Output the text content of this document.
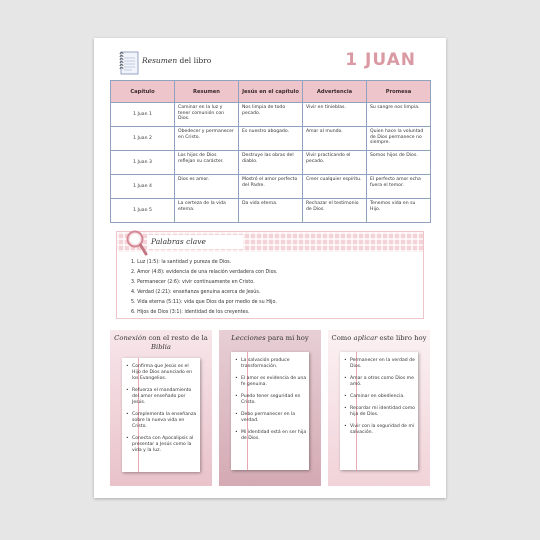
Resumen del libro	1 JUAN
Capítulo	Resumen	Jesús en el capítulo	Advertencia	Promesa
1 Juan 1	Caminar en la luz y tener comunión con Dios.	Nos limpia de todo pecado.	Vivir en tinieblas.	Su sangre nos limpia.
1 Juan 2	Obedecer y permanecer en Cristo.	Es nuestro abogado.	Amar al mundo.	Quien hace la voluntad de Dios permanece no siempre.
1 Juan 3	Los hijos de Dios reflejan su carácter.	Destruye las obras del diablo.	Vivir practicando el pecado.	Somos hijos de Dios.
1 Juan 4	Dios es amor.	Mostró el amor perfecto del Padre.	Creer cualquier espíritu.	El perfecto amor echa fuera el temor.
1 Juan 5	La certeza de la vida eterna.	Da vida eterna.	Rechazar el testimonio de Dios.	Tenemos vida en su Hijo.
Palabras clave
1. Luz (1:5): la santidad y pureza de Dios.
2. Amor (4:8): evidencia de una relación verdadera con Dios.
3. Permanecer (2:6): vivir continuamente en Cristo.
4. Verdad (2:21): enseñanza genuina acerca de Jesús.
5. Vida eterna (5:11): vida que Dios da por medio de su Hijo.
6. Hijos de Dios (3:1): identidad de los creyentes.
Conexión con el resto de la Biblia
• Confirma que Jesús es el Hijo de Dios anunciado en los Evangelios.
• Refuerza el mandamiento del amor enseñado por Jesús.
• Complementa la enseñanza sobre la nueva vida en Cristo.
• Conecta con Apocalipsis al presentar a Jesús como la vida y la luz.
Lecciones para mi hoy
• La salvación produce transformación.
• El amor es evidencia de una fe genuina.
• Puedo tener seguridad en Cristo.
• Debo permanecer en la verdad.
• Mi identidad está en ser hija de Dios.
Como aplicar este libro hoy
• Permanecer en la verdad de Dios.
• Amar a otros como Dios me amó.
• Caminar en obediencia.
• Recordar mi identidad como hija de Dios.
• Vivir con la seguridad de mi salvación.
